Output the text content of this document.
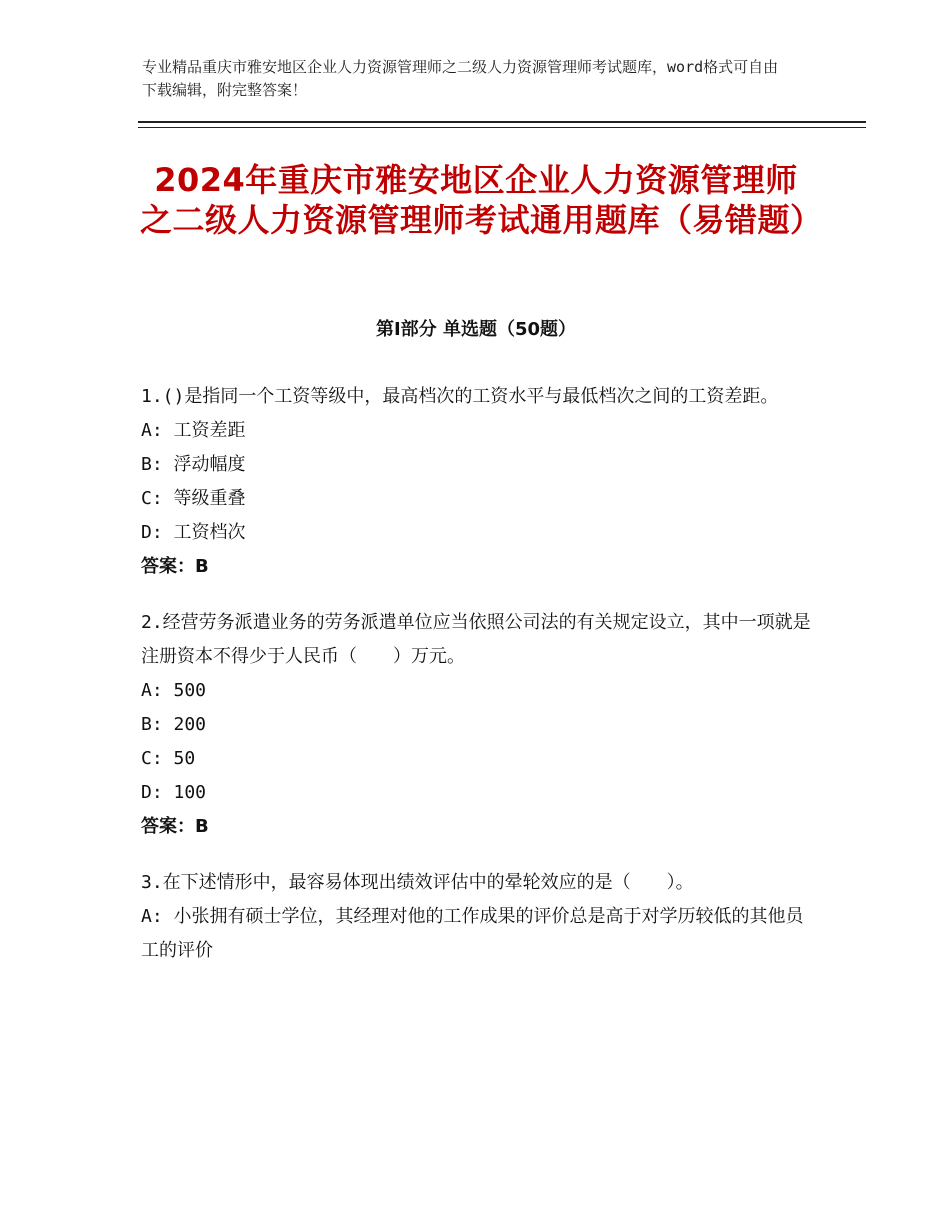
专业精品重庆市雅安地区企业人力资源管理师之二级人力资源管理师考试题库，word格式可自由下载编辑，附完整答案！
2024年重庆市雅安地区企业人力资源管理师之二级人力资源管理师考试通用题库（易错题）
第Ⅰ部分 单选题（50题）
1.()是指同一个工资等级中，最高档次的工资水平与最低档次之间的工资差距。
A: 工资差距
B: 浮动幅度
C: 等级重叠
D: 工资档次
答案：B
2.经营劳务派遣业务的劳务派遣单位应当依照公司法的有关规定设立，其中一项就是注册资本不得少于人民币（　　）万元。
A: 500
B: 200
C: 50
D: 100
答案：B
3.在下述情形中，最容易体现出绩效评估中的晕轮效应的是（　　）。
A: 小张拥有硕士学位，其经理对他的工作成果的评价总是高于对学历较低的其他员工的评价
